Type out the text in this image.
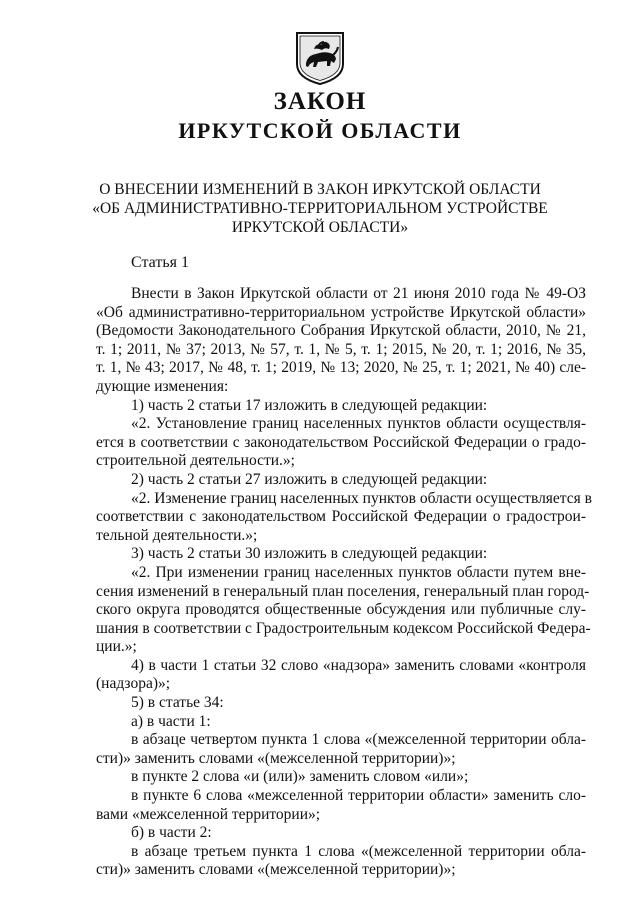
ЗАКОН
ИРКУТСКОЙ ОБЛАСТИ
О ВНЕСЕНИИ ИЗМЕНЕНИЙ В ЗАКОН ИРКУТСКОЙ ОБЛАСТИ
«ОБ АДМИНИСТРАТИВНО-ТЕРРИТОРИАЛЬНОМ УСТРОЙСТВЕ
ИРКУТСКОЙ ОБЛАСТИ»
Статья 1
Внести в Закон Иркутской области от 21 июня 2010 года № 49-ОЗ
«Об административно-территориальном устройстве Иркутской области»
(Ведомости Законодательного Собрания Иркутской области, 2010, № 21,
т. 1; 2011, № 37; 2013, № 57, т. 1, № 5, т. 1; 2015, № 20, т. 1; 2016, № 35,
т. 1, № 43; 2017, № 48, т. 1; 2019, № 13; 2020, № 25, т. 1; 2021, № 40) сле-
дующие изменения:
1) часть 2 статьи 17 изложить в следующей редакции:
«2. Установление границ населенных пунктов области осуществля-
ется в соответствии с законодательством Российской Федерации о градо-
строительной деятельности.»;
2) часть 2 статьи 27 изложить в следующей редакции:
«2. Изменение границ населенных пунктов области осуществляется в
соответствии с законодательством Российской Федерации о градострои-
тельной деятельности.»;
3) часть 2 статьи 30 изложить в следующей редакции:
«2. При изменении границ населенных пунктов области путем вне-
сения изменений в генеральный план поселения, генеральный план город-
ского округа проводятся общественные обсуждения или публичные слу-
шания в соответствии с Градостроительным кодексом Российской Федера-
ции.»;
4) в части 1 статьи 32 слово «надзора» заменить словами «контроля
(надзора)»;
5) в статье 34:
а) в части 1:
в абзаце четвертом пункта 1 слова «(межселенной территории обла-
сти)» заменить словами «(межселенной территории)»;
в пункте 2 слова «и (или)» заменить словом «или»;
в пункте 6 слова «межселенной территории области» заменить сло-
вами «межселенной территории»;
б) в части 2:
в абзаце третьем пункта 1 слова «(межселенной территории обла-
сти)» заменить словами «(межселенной территории)»;
